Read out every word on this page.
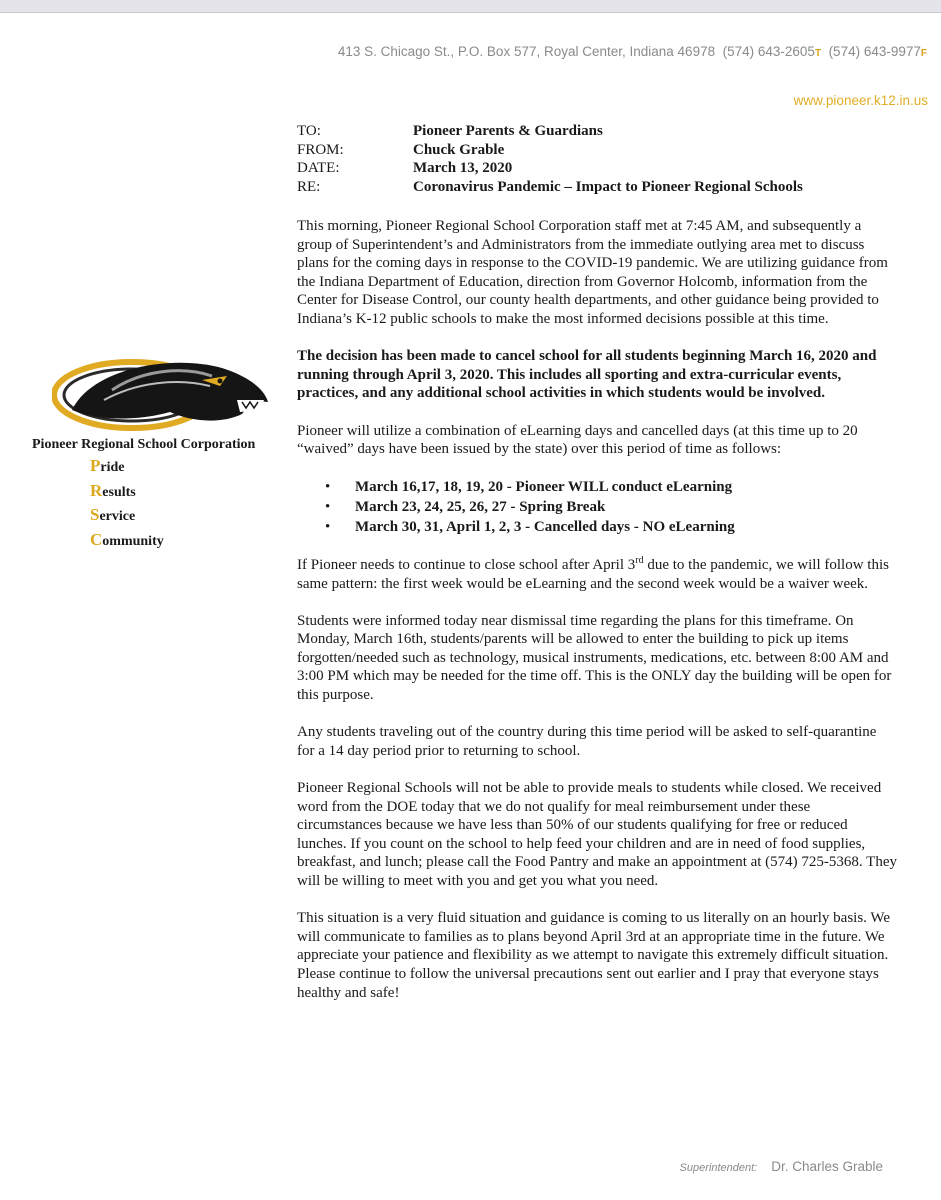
413 S. Chicago St., P.O. Box 577, Royal Center, Indiana 46978 (574) 643-2605T (574) 643-9977F
www.pioneer.k12.in.us
TO:	Pioneer Parents & Guardians
FROM:	Chuck Grable
DATE:	March 13, 2020
RE:	Coronavirus Pandemic – Impact to Pioneer Regional Schools
Pioneer Regional School Corporation
Pride
Results
Service
Community

This morning, Pioneer Regional School Corporation staff met at 7:45 AM, and subsequently a group of Superintendent’s and Administrators from the immediate outlying area met to discuss plans for the coming days in response to the COVID-19 pandemic. We are utilizing guidance from the Indiana Department of Education, direction from Governor Holcomb, information from the Center for Disease Control, our county health departments, and other guidance being provided to Indiana’s K-12 public schools to make the most informed decisions possible at this time.

The decision has been made to cancel school for all students beginning March 16, 2020 and running through April 3, 2020. This includes all sporting and extra-curricular events, practices, and any additional school activities in which students would be involved.

Pioneer will utilize a combination of eLearning days and cancelled days (at this time up to 20 “waived” days have been issued by the state) over this period of time as follows:

• March 16,17, 18, 19, 20 - Pioneer WILL conduct eLearning
• March 23, 24, 25, 26, 27 - Spring Break
• March 30, 31, April 1, 2, 3 - Cancelled days - NO eLearning

If Pioneer needs to continue to close school after April 3rd due to the pandemic, we will follow this same pattern: the first week would be eLearning and the second week would be a waiver week.

Students were informed today near dismissal time regarding the plans for this timeframe. On Monday, March 16th, students/parents will be allowed to enter the building to pick up items forgotten/needed such as technology, musical instruments, medications, etc. between 8:00 AM and 3:00 PM which may be needed for the time off. This is the ONLY day the building will be open for this purpose.

Any students traveling out of the country during this time period will be asked to self-quarantine for a 14 day period prior to returning to school.

Pioneer Regional Schools will not be able to provide meals to students while closed. We received word from the DOE today that we do not qualify for meal reimbursement under these circumstances because we have less than 50% of our students qualifying for free or reduced lunches. If you count on the school to help feed your children and are in need of food supplies, breakfast, and lunch; please call the Food Pantry and make an appointment at (574) 725-5368. They will be willing to meet with you and get you what you need.

This situation is a very fluid situation and guidance is coming to us literally on an hourly basis. We will communicate to families as to plans beyond April 3rd at an appropriate time in the future. We appreciate your patience and flexibility as we attempt to navigate this extremely difficult situation. Please continue to follow the universal precautions sent out earlier and I pray that everyone stays healthy and safe!

Superintendent: Dr. Charles Grable
